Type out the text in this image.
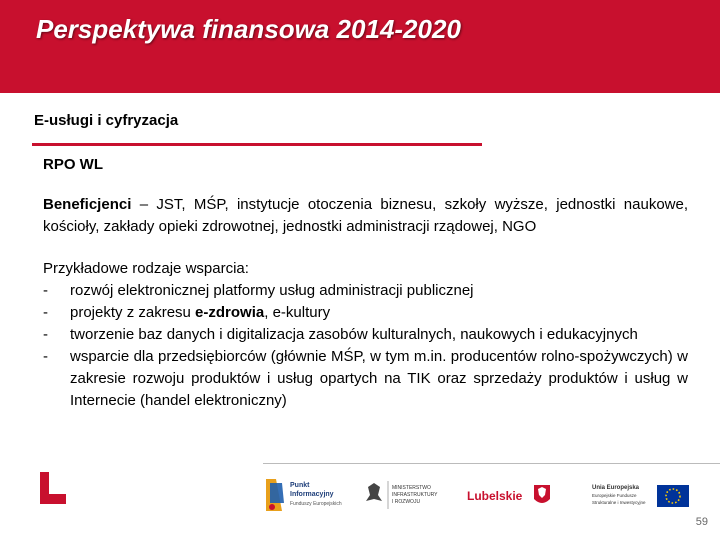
Perspektywa finansowa 2014-2020
E-usługi i cyfryzacja
RPO WL
Beneficjenci – JST, MŚP, instytucje otoczenia biznesu, szkoły wyższe, jednostki naukowe, kościoły, zakłady opieki zdrowotnej, jednostki administracji rządowej, NGO
Przykładowe rodzaje wsparcia:
-	rozwój elektronicznej platformy usług administracji publicznej
-	projekty z zakresu e-zdrowia, e-kultury
-	tworzenie baz danych i digitalizacja zasobów kulturalnych, naukowych i edukacyjnych
-	wsparcie dla przedsiębiorców (głównie MŚP, w tym m.in. producentów rolno-spożywczych) w zakresie rozwoju produktów i usług opartych na TIK oraz sprzedaży produktów i usług w Internecie (handel elektroniczny)
Punkt
Informacyjny
Funduszy Europejskich
MINISTERSTWO
INFRASTRUKTURY
I ROZWOJU	Lubelskie
Unia Europejska
Europejskie Fundusze
Strukturalne i Inwestycyjne
59
